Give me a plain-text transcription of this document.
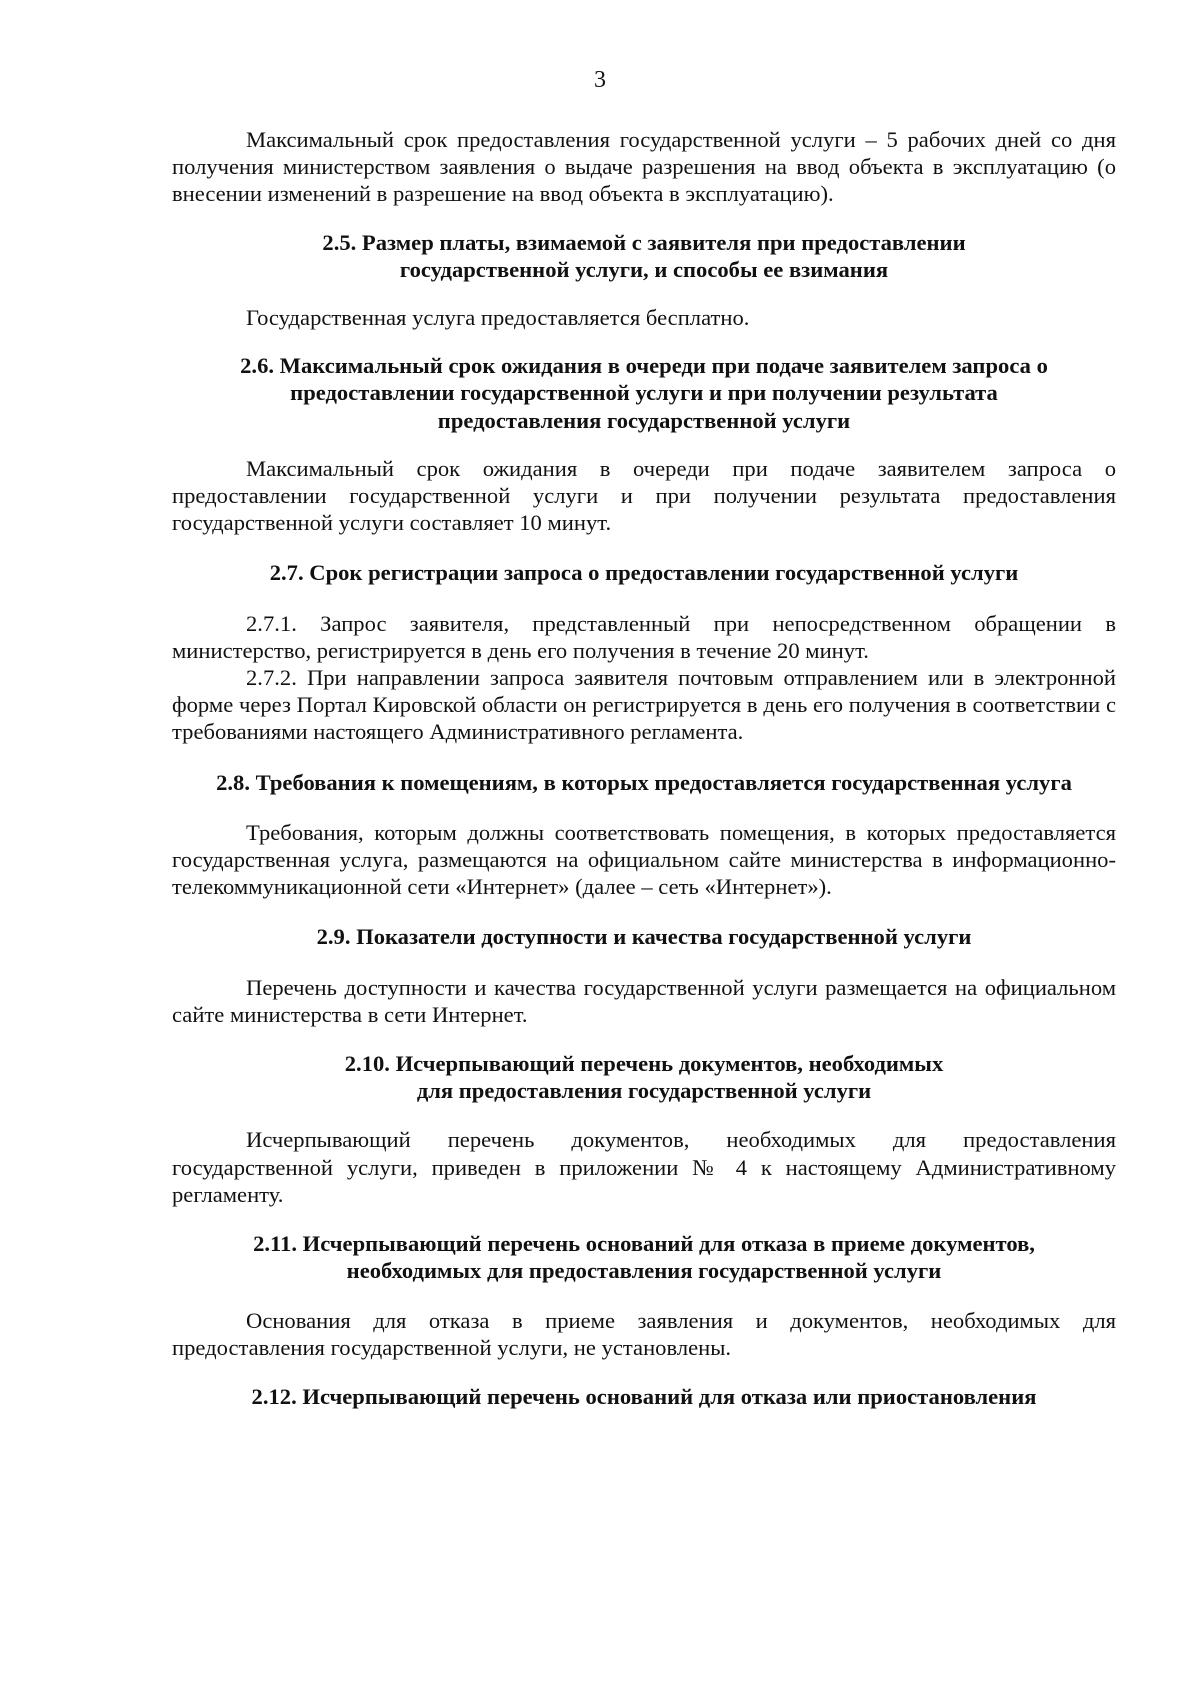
3

Максимальный срок предоставления государственной услуги – 5 рабочих дней со дня получения министерством заявления о выдаче разрешения на ввод объекта в эксплуатацию (о внесении изменений в разрешение на ввод объекта в эксплуатацию).

2.5. Размер платы, взимаемой с заявителя при предоставлении
государственной услуги, и способы ее взимания

Государственная услуга предоставляется бесплатно.

2.6. Максимальный срок ожидания в очереди при подаче заявителем запроса о
предоставлении государственной услуги и при получении результата
предоставления государственной услуги

Максимальный срок ожидания в очереди при подаче заявителем запроса о предоставлении государственной услуги и при получении результата предоставления государственной услуги составляет 10 минут.

2.7. Срок регистрации запроса о предоставлении государственной услуги

2.7.1. Запрос заявителя, представленный при непосредственном обращении в министерство, регистрируется в день его получения в течение 20 минут.

2.7.2. При направлении запроса заявителя почтовым отправлением или в электронной форме через Портал Кировской области он регистрируется в день его получения в соответствии с требованиями настоящего Административного регламента.

2.8. Требования к помещениям, в которых предоставляется государственная услуга

Требования, которым должны соответствовать помещения, в которых предоставляется государственная услуга, размещаются на официальном сайте министерства в информационно-телекоммуникационной сети «Интернет» (далее – сеть «Интернет»).

2.9. Показатели доступности и качества государственной услуги

Перечень доступности и качества государственной услуги размещается на официальном сайте министерства в сети Интернет.

2.10. Исчерпывающий перечень документов, необходимых
для предоставления государственной услуги

Исчерпывающий перечень документов, необходимых для предоставления государственной услуги, приведен в приложении № 4 к настоящему Административному регламенту.

2.11. Исчерпывающий перечень оснований для отказа в приеме документов,
необходимых для предоставления государственной услуги

Основания для отказа в приеме заявления и документов, необходимых для предоставления государственной услуги, не установлены.

2.12. Исчерпывающий перечень оснований для отказа или приостановления
